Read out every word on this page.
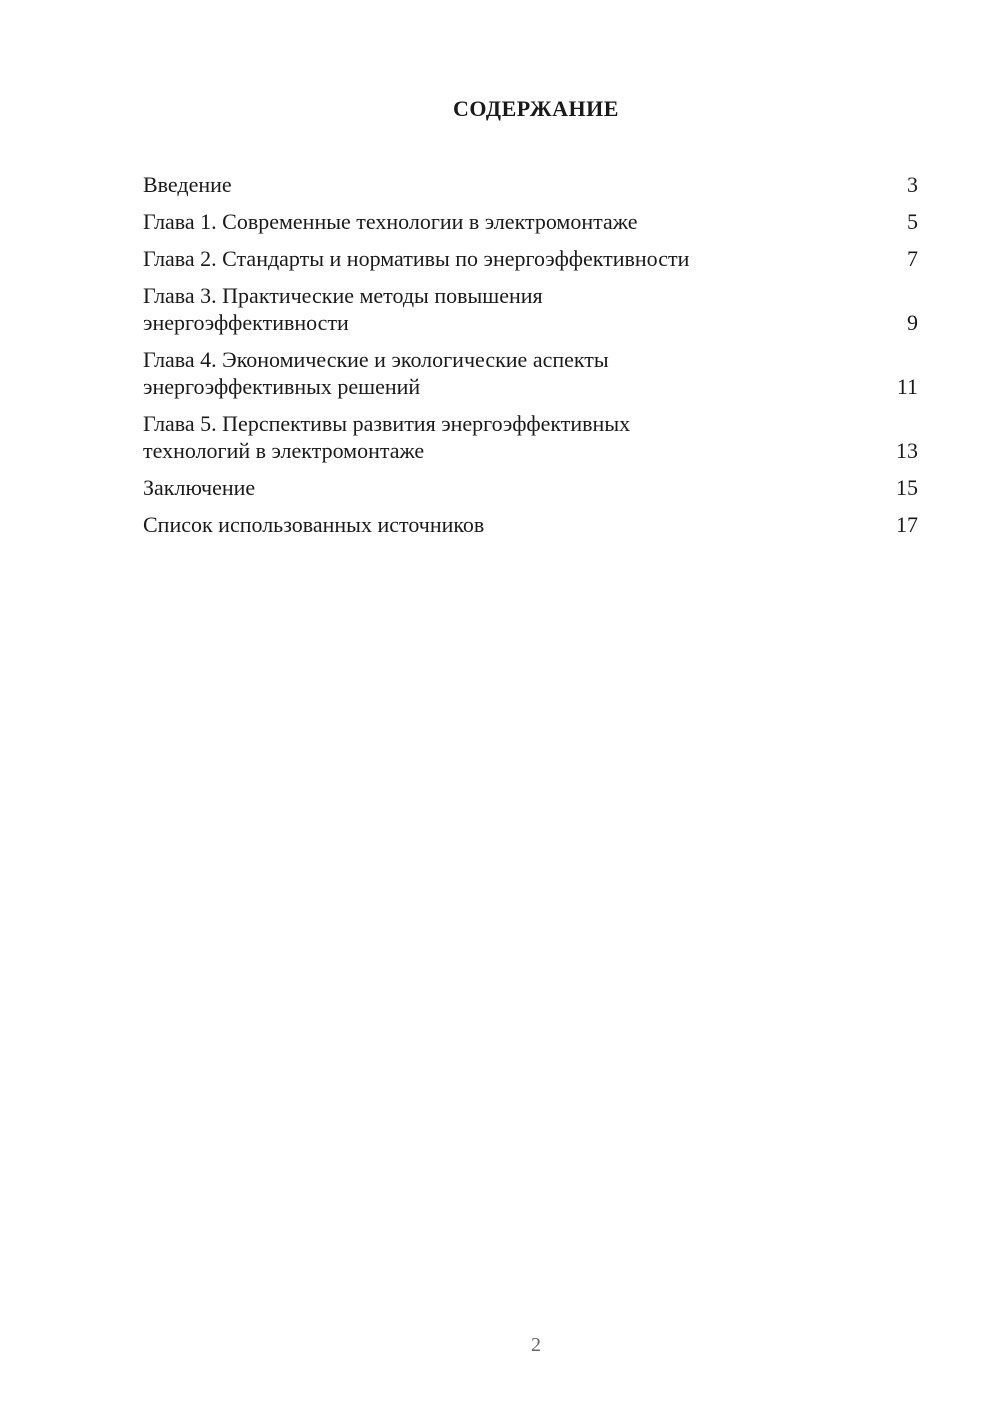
СОДЕРЖАНИЕ
Введение	3
Глава 1. Современные технологии в электромонтаже	5
Глава 2. Стандарты и нормативы по энергоэффективности	7
Глава 3. Практические методы повышения
энергоэффективности	9
Глава 4. Экономические и экологические аспекты
энергоэффективных решений	11
Глава 5. Перспективы развития энергоэффективных
технологий в электромонтаже	13
Заключение	15
Список использованных источников	17
2
